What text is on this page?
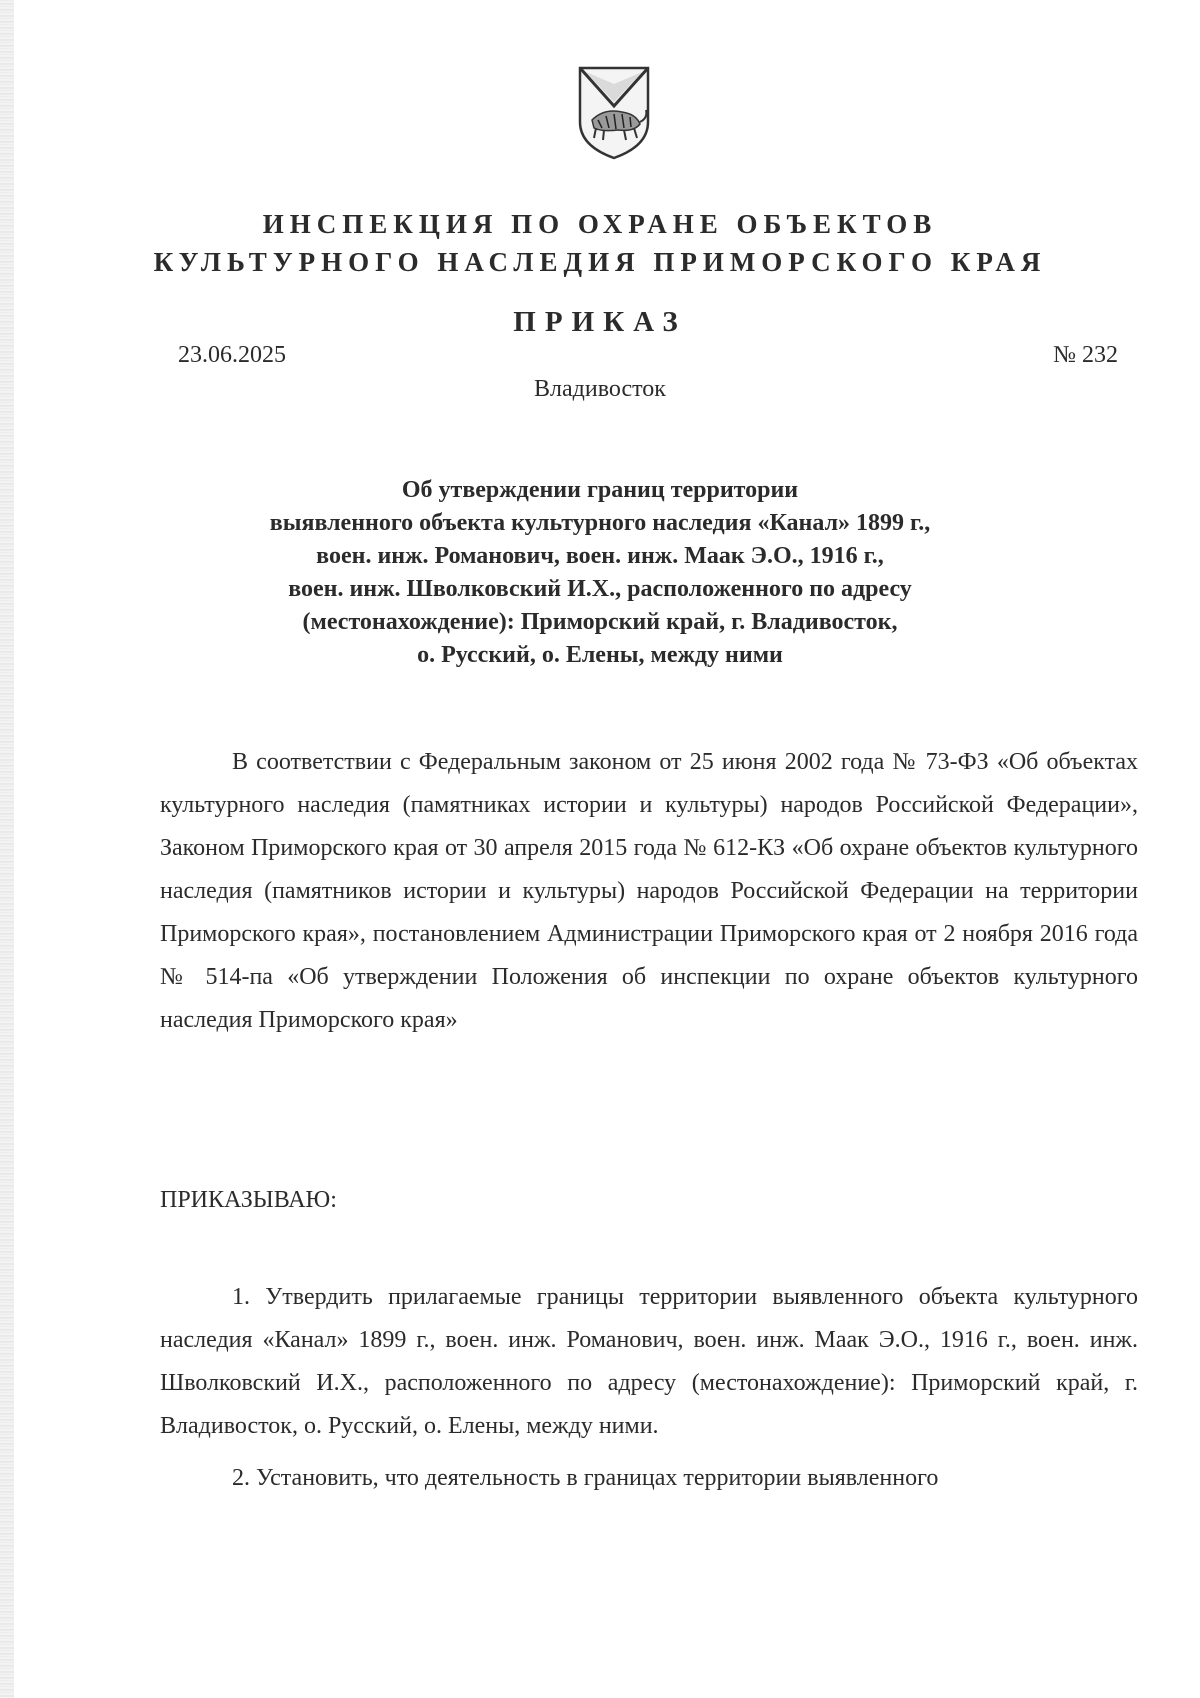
ИНСПЕКЦИЯ ПО ОХРАНЕ ОБЪЕКТОВ
КУЛЬТУРНОГО НАСЛЕДИЯ ПРИМОРСКОГО КРАЯ
ПРИКАЗ
23.06.2025	№ 232
Владивосток
Об утверждении границ территории
выявленного объекта культурного наследия «Канал» 1899 г.,
воен. инж. Романович, воен. инж. Маак Э.О., 1916 г.,
воен. инж. Шволковский И.Х., расположенного по адресу
(местонахождение): Приморский край, г. Владивосток,
о. Русский, о. Елены, между ними
В соответствии с Федеральным законом от 25 июня 2002 года № 73-ФЗ «Об объектах культурного наследия (памятниках истории и культуры) народов Российской Федерации», Законом Приморского края от 30 апреля 2015 года № 612-КЗ «Об охране объектов культурного наследия (памятников истории и культуры) народов Российской Федерации на территории Приморского края», постановлением Администрации Приморского края от 2 ноября 2016 года № 514-па «Об утверждении Положения об инспекции по охране объектов культурного наследия Приморского края»
ПРИКАЗЫВАЮ:
1. Утвердить прилагаемые границы территории выявленного объекта культурного наследия «Канал» 1899 г., воен. инж. Романович, воен. инж. Маак Э.О., 1916 г., воен. инж. Шволковский И.Х., расположенного по адресу (местонахождение): Приморский край, г. Владивосток, о. Русский, о. Елены, между ними.
2. Установить, что деятельность в границах территории выявленного
